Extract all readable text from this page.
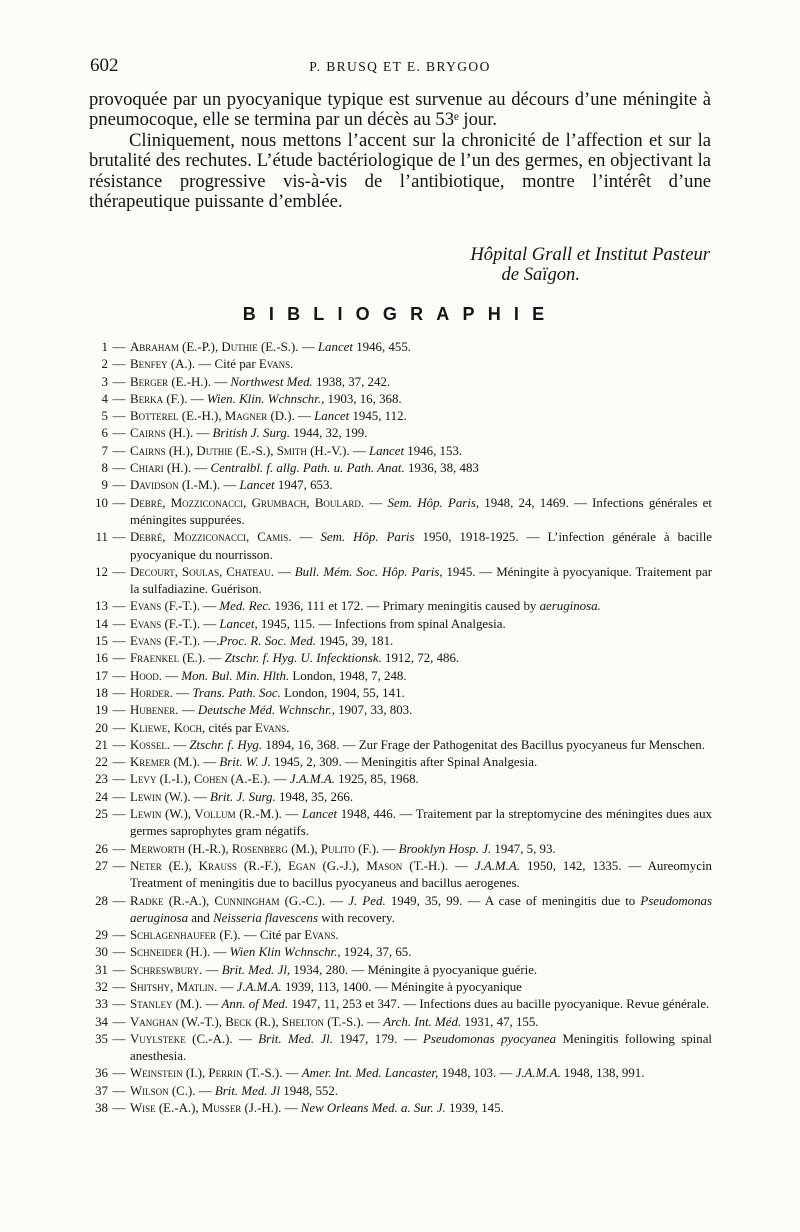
602	P. BRUSQ ET E. BRYGOO

provoquée par un pyocyanique typique est survenue au décours d’une méningite à pneumocoque, elle se termina par un décès au 53ᵉ jour.

Cliniquement, nous mettons l’accent sur la chronicité de l’affection et sur la brutalité des rechutes. L’étude bactériologique de l’un des germes, en objectivant la résistance progressive vis-à-vis de l’antibiotique, montre l’intérêt d’une thérapeutique puissante d’emblée.

Hôpital Grall et Institut Pasteur
de Saïgon.
BIBLIOGRAPHIE
1 — Abraham (E.-P.), Duthie (E.-S.). — Lancet 1946, 455.
2 — Benfey (A.). — Cité par Evans.
3 — Berger (E.-H.). — Northwest Med. 1938, 37, 242.
4 — Berka (F.). — Wien. Klin. Wchnschr., 1903, 16, 368.
5 — Botterel (E.-H.), Magner (D.). — Lancet 1945, 112.
6 — Cairns (H.). — British J. Surg. 1944, 32, 199.
7 — Cairns (H.), Duthie (E.-S.), Smith (H.-V.). — Lancet 1946, 153.
8 — Chiari (H.). — Centralbl. f. allg. Path. u. Path. Anat. 1936, 38, 483
9 — Davidson (I.-M.). — Lancet 1947, 653.
10 — Debré, Mozziconacci, Grumbach, Boulard. — Sem. Hôp. Paris, 1948, 24, 1469. — Infections générales et méningites suppurées.
11 — Debré, Mozziconacci, Camis. — Sem. Hôp. Paris 1950, 1918-1925. — L’infection générale à bacille pyocyanique du nourrisson.
12 — Decourt, Soulas, Chateau. — Bull. Mém. Soc. Hôp. Paris, 1945. — Méningite à pyocyanique. Traitement par la sulfadiazine. Guérison.
13 — Evans (F.-T.). — Med. Rec. 1936, 111 et 172. — Primary meningitis caused by aeruginosa.
14 — Evans (F.-T.). — Lancet, 1945, 115. — Infections from spinal Analgesia.
15 — Evans (F.-T.). —.Proc. R. Soc. Med. 1945, 39, 181.
16 — Fraenkel (E.). — Ztschr. f. Hyg. U. Infecktionsk. 1912, 72, 486.
17 — Hood. — Mon. Bul. Min. Hlth. London, 1948, 7, 248.
18 — Horder. — Trans. Path. Soc. London, 1904, 55, 141.
19 — Hubener. — Deutsche Méd. Wchnschr., 1907, 33, 803.
20 — Kliewe, Koch, cités par Evans.
21 — Kossel. — Ztschr. f. Hyg. 1894, 16, 368. — Zur Frage der Pathogenitat des Bacillus pyocyaneus fur Menschen.
22 — Kremer (M.). — Brit. W. J. 1945, 2, 309. — Meningitis after Spinal Analgesia.
23 — Levy (I.-I.), Cohen (A.-E.). — J.A.M.A. 1925, 85, 1968.
24 — Lewin (W.). — Brit. J. Surg. 1948, 35, 266.
25 — Lewin (W.), Vollum (R.-M.). — Lancet 1948, 446. — Traitement par la streptomycine des méningites dues aux germes saprophytes gram négatifs.
26 — Merworth (H.-R.), Rosenberg (M.), Pulito (F.). — Brooklyn Hosp. J. 1947, 5, 93.
27 — Neter (E.), Krauss (R.-F.), Egan (G.-J.), Mason (T.-H.). — J.A.M.A. 1950, 142, 1335. — Aureomycin Treatment of meningitis due to bacillus pyocyaneus and bacillus aerogenes.
28 — Radke (R.-A.), Cunningham (G.-C.). — J. Ped. 1949, 35, 99. — A case of meningitis due to Pseudomonas aeruginosa and Neisseria flavescens with recovery.
29 — Schlagenhaufer (F.). — Cité par Evans.
30 — Schneider (H.). — Wien Klin Wchnschr., 1924, 37, 65.
31 — Schreswbury. — Brit. Med. Jl, 1934, 280. — Méningite à pyocyanique guérie.
32 — Shitshy, Matlin. — J.A.M.A. 1939, 113, 1400. — Méningite à pyocyanique
33 — Stanley (M.). — Ann. of Med. 1947, 11, 253 et 347. — Infections dues au bacille pyocyanique. Revue générale.
34 — Vanghan (W.-T.), Beck (R.), Shelton (T.-S.). — Arch. Int. Méd. 1931, 47, 155.
35 — Vuylsteke (C.-A.). — Brit. Med. Jl. 1947, 179. — Pseudomonas pyocyanea Meningitis following spinal anesthesia.
36 — Weinstein (I.), Perrin (T.-S.). — Amer. Int. Med. Lancaster, 1948, 103. — J.A.M.A. 1948, 138, 991.
37 — Wilson (C.). — Brit. Med. Jl 1948, 552.
38 — Wise (E.-A.), Musser (J.-H.). — New Orleans Med. a. Sur. J. 1939, 145.
